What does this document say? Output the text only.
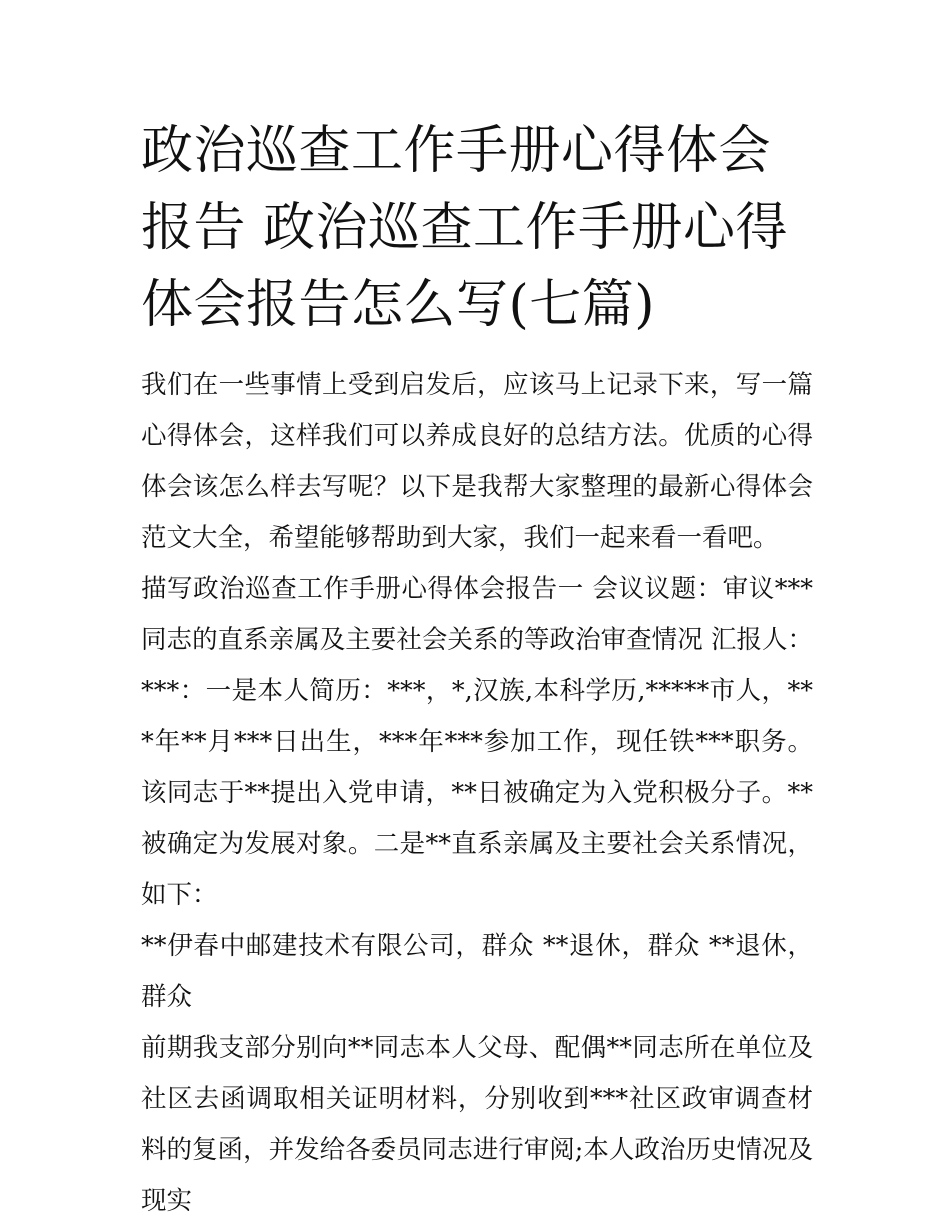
政治巡查工作手册心得体会报告 政治巡查工作手册心得体会报告怎么写(七篇)

我们在一些事情上受到启发后，应该马上记录下来，写一篇心得体会，这样我们可以养成良好的总结方法。优质的心得体会该怎么样去写呢？以下是我帮大家整理的最新心得体会范文大全，希望能够帮助到大家，我们一起来看一看吧。

描写政治巡查工作手册心得体会报告一 会议议题：审议***同志的直系亲属及主要社会关系的等政治审查情况 汇报人：***：一是本人简历：***，*,汉族,本科学历,*****市人，***年**月***日出生，***年***参加工作，现任铁***职务。该同志于**提出入党申请，**日被确定为入党积极分子。**被确定为发展对象。二是**直系亲属及主要社会关系情况，如下：

**伊春中邮建技术有限公司，群众 **退休，群众 **退休，群众

前期我支部分别向**同志本人父母、配偶**同志所在单位及社区去函调取相关证明材料，分别收到***社区政审调查材料的复函，并发给各委员同志进行审阅;本人政治历史情况及现实
